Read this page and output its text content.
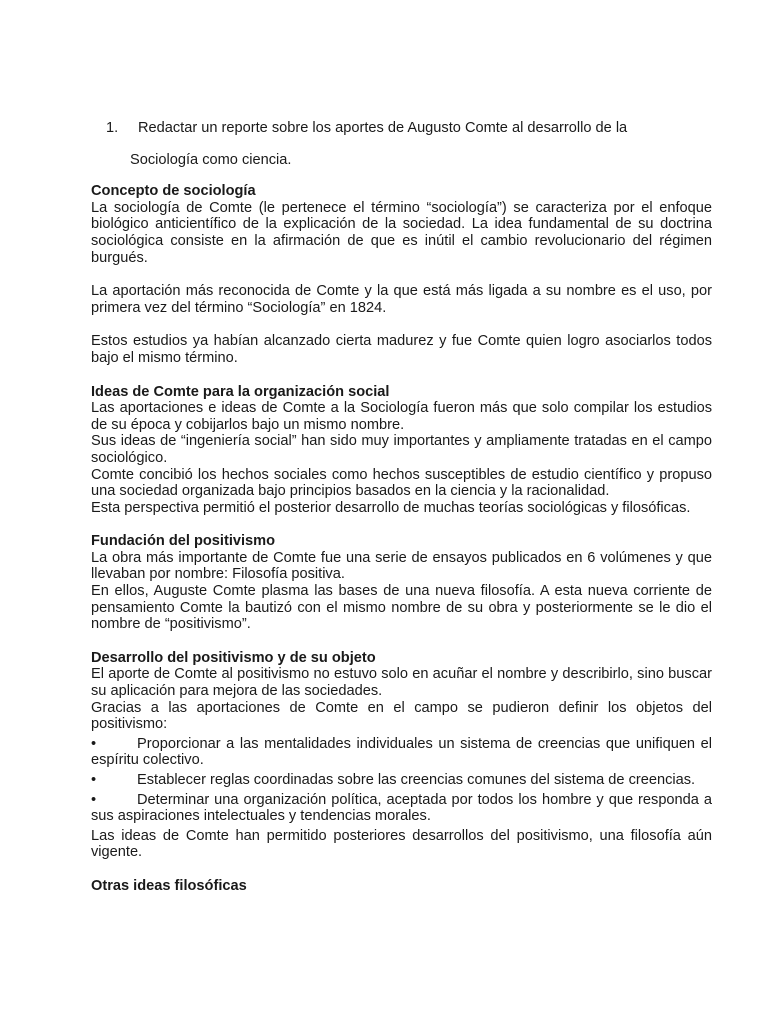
1.	Redactar un reporte sobre los aportes de Augusto Comte al desarrollo de la
Sociología como ciencia.
Concepto de sociología

La sociología de Comte (le pertenece el término “sociología”) se caracteriza por el enfoque biológico anticientífico de la explicación de la sociedad. La idea fundamental de su doctrina sociológica consiste en la afirmación de que es inútil el cambio revolucionario del régimen burgués.

La aportación más reconocida de Comte y la que está más ligada a su nombre es el uso, por primera vez del término “Sociología” en 1824.

Estos estudios ya habían alcanzado cierta madurez y fue Comte quien logro asociarlos todos bajo el mismo término.

Ideas de Comte para la organización social

Las aportaciones e ideas de Comte a la Sociología fueron más que solo compilar los estudios de su época y cobijarlos bajo un mismo nombre.

Sus ideas de “ingeniería social” han sido muy importantes y ampliamente tratadas en el campo sociológico.

Comte concibió los hechos sociales como hechos susceptibles de estudio científico y propuso una sociedad organizada bajo principios basados en la ciencia y la racionalidad.

Esta perspectiva permitió el posterior desarrollo de muchas teorías sociológicas y filosóficas.

Fundación del positivismo

La obra más importante de Comte fue una serie de ensayos publicados en 6 volúmenes y que llevaban por nombre: Filosofía positiva.

En ellos, Auguste Comte plasma las bases de una nueva filosofía. A esta nueva corriente de pensamiento Comte la bautizó con el mismo nombre de su obra y posteriormente se le dio el nombre de “positivismo”.

Desarrollo del positivismo y de su objeto

El aporte de Comte al positivismo no estuvo solo en acuñar el nombre y describirlo, sino buscar su aplicación para mejora de las sociedades.

Gracias a las aportaciones de Comte en el campo se pudieron definir los objetos del positivismo:

•	Proporcionar a las mentalidades individuales un sistema de creencias que unifiquen el espíritu colectivo.

•	Establecer reglas coordinadas sobre las creencias comunes del sistema de creencias.

•	Determinar una organización política, aceptada por todos los hombre y que responda a sus aspiraciones intelectuales y tendencias morales.

Las ideas de Comte han permitido posteriores desarrollos del positivismo, una filosofía aún vigente.

Otras ideas filosóficas
